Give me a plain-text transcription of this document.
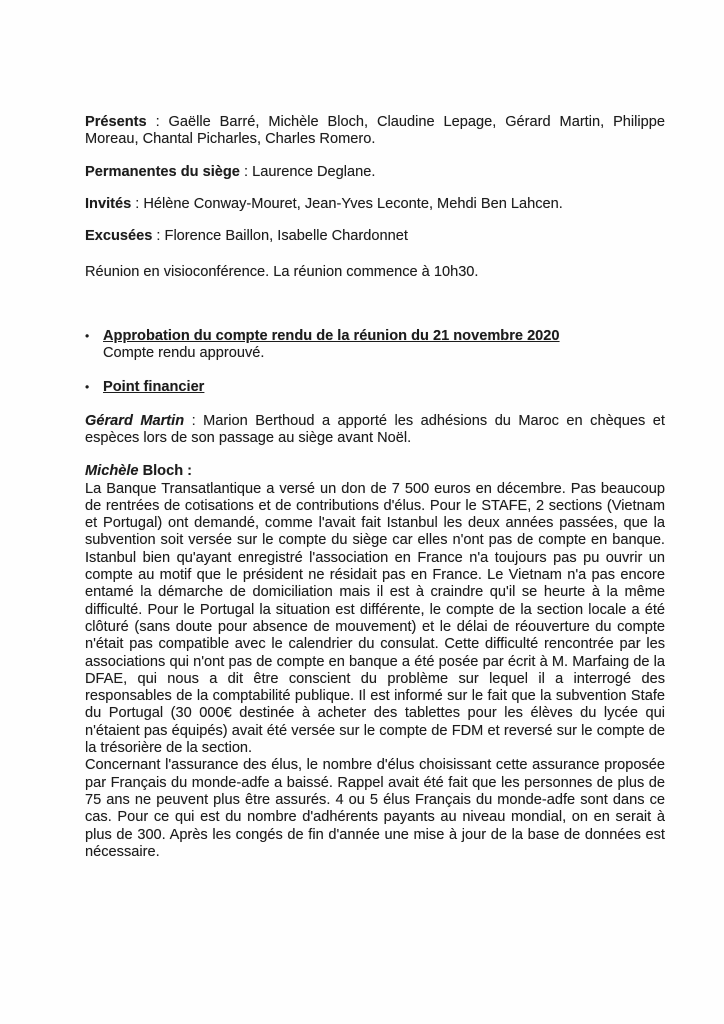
Présents : Gaëlle Barré, Michèle Bloch, Claudine Lepage, Gérard Martin, Philippe Moreau, Chantal Picharles, Charles Romero.

Permanentes du siège : Laurence Deglane.

Invités : Hélène Conway-Mouret, Jean-Yves Leconte, Mehdi Ben Lahcen.

Excusées : Florence Baillon, Isabelle Chardonnet

Réunion en visioconférence. La réunion commence à 10h30.

• Approbation du compte rendu de la réunion du 21 novembre 2020
Compte rendu approuvé.
• Point financier

Gérard Martin : Marion Berthoud a apporté les adhésions du Maroc en chèques et espèces lors de son passage au siège avant Noël.

Michèle Bloch :

La Banque Transatlantique a versé un don de 7 500 euros en décembre. Pas beaucoup de rentrées de cotisations et de contributions d'élus. Pour le STAFE, 2 sections (Vietnam et Portugal) ont demandé, comme l'avait fait Istanbul les deux années passées, que la subvention soit versée sur le compte du siège car elles n'ont pas de compte en banque. Istanbul bien qu'ayant enregistré l'association en France n'a toujours pas pu ouvrir un compte au motif que le président ne résidait pas en France. Le Vietnam n'a pas encore entamé la démarche de domiciliation mais il est à craindre qu'il se heurte à la même difficulté. Pour le Portugal la situation est différente, le compte de la section locale a été clôturé (sans doute pour absence de mouvement) et le délai de réouverture du compte n'était pas compatible avec le calendrier du consulat. Cette difficulté rencontrée par les associations qui n'ont pas de compte en banque a été posée par écrit à M. Marfaing de la DFAE, qui nous a dit être conscient du problème sur lequel il a interrogé des responsables de la comptabilité publique. Il est informé sur le fait que la subvention Stafe du Portugal (30 000€ destinée à acheter des tablettes pour les élèves du lycée qui n'étaient pas équipés) avait été versée sur le compte de FDM et reversé sur le compte de la trésorière de la section.

Concernant l'assurance des élus, le nombre d'élus choisissant cette assurance proposée par Français du monde-adfe a baissé. Rappel avait été fait que les personnes de plus de 75 ans ne peuvent plus être assurés. 4 ou 5 élus Français du monde-adfe sont dans ce cas. Pour ce qui est du nombre d'adhérents payants au niveau mondial, on en serait à plus de 300. Après les congés de fin d'année une mise à jour de la base de données est nécessaire.
